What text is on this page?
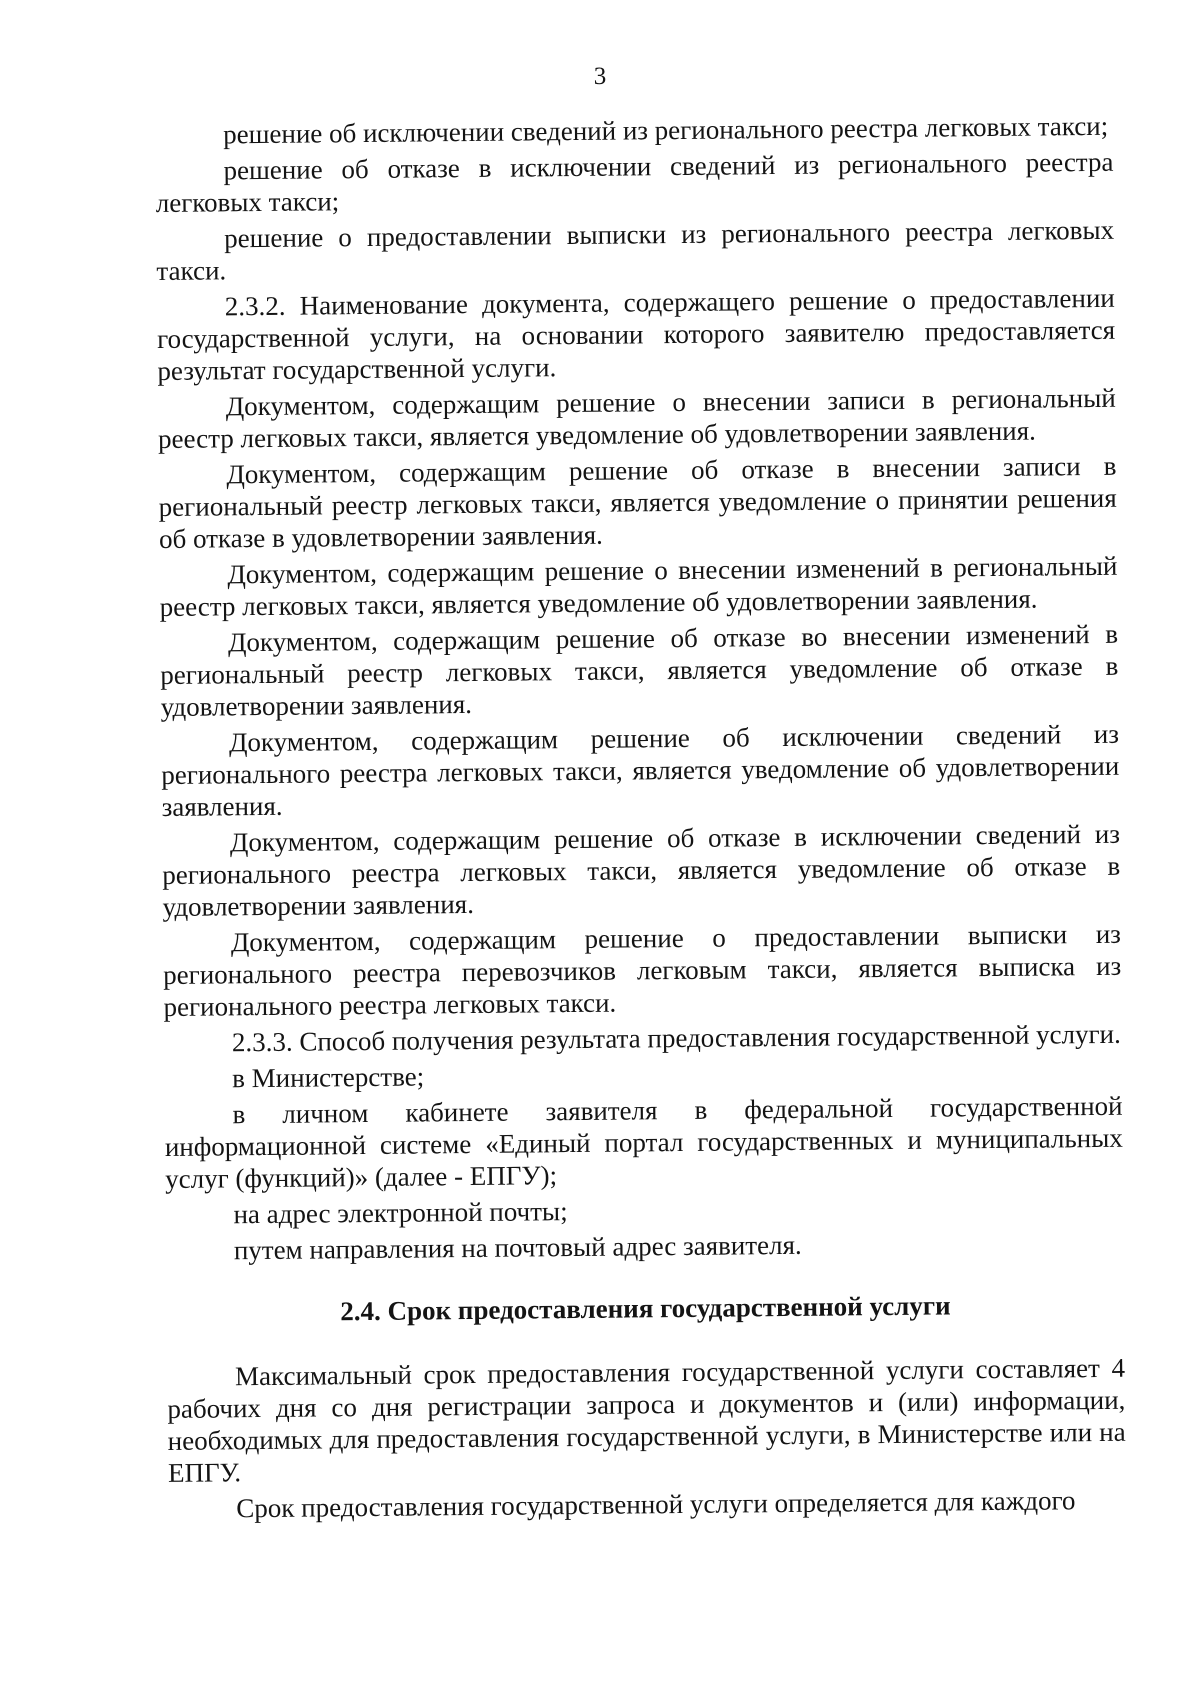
3

решение об исключении сведений из регионального реестра легковых такси;

решение об отказе в исключении сведений из регионального реестра легковых такси;

решение о предоставлении выписки из регионального реестра легковых такси.

2.3.2. Наименование документа, содержащего решение о предоставлении государственной услуги, на основании которого заявителю предоставляется результат государственной услуги.

Документом, содержащим решение о внесении записи в региональный реестр легковых такси, является уведомление об удовлетворении заявления.

Документом, содержащим решение об отказе в внесении записи в региональный реестр легковых такси, является уведомление о принятии решения об отказе в удовлетворении заявления.

Документом, содержащим решение о внесении изменений в региональный реестр легковых такси, является уведомление об удовлетворении заявления.

Документом, содержащим решение об отказе во внесении изменений в региональный реестр легковых такси, является уведомление об отказе в удовлетворении заявления.

Документом, содержащим решение об исключении сведений из регионального реестра легковых такси, является уведомление об удовлетворении заявления.

Документом, содержащим решение об отказе в исключении сведений из регионального реестра легковых такси, является уведомление об отказе в удовлетворении заявления.

Документом, содержащим решение о предоставлении выписки из регионального реестра перевозчиков легковым такси, является выписка из регионального реестра легковых такси.

2.3.3. Способ получения результата предоставления государственной услуги.

в Министерстве;

в личном кабинете заявителя в федеральной государственной информационной системе «Единый портал государственных и муниципальных услуг (функций)» (далее - ЕПГУ);

на адрес электронной почты;

путем направления на почтовый адрес заявителя.

2.4. Срок предоставления государственной услуги

Максимальный срок предоставления государственной услуги составляет 4 рабочих дня со дня регистрации запроса и документов и (или) информации, необходимых для предоставления государственной услуги, в Министерстве или на ЕПГУ.

Срок предоставления государственной услуги определяется для каждого
